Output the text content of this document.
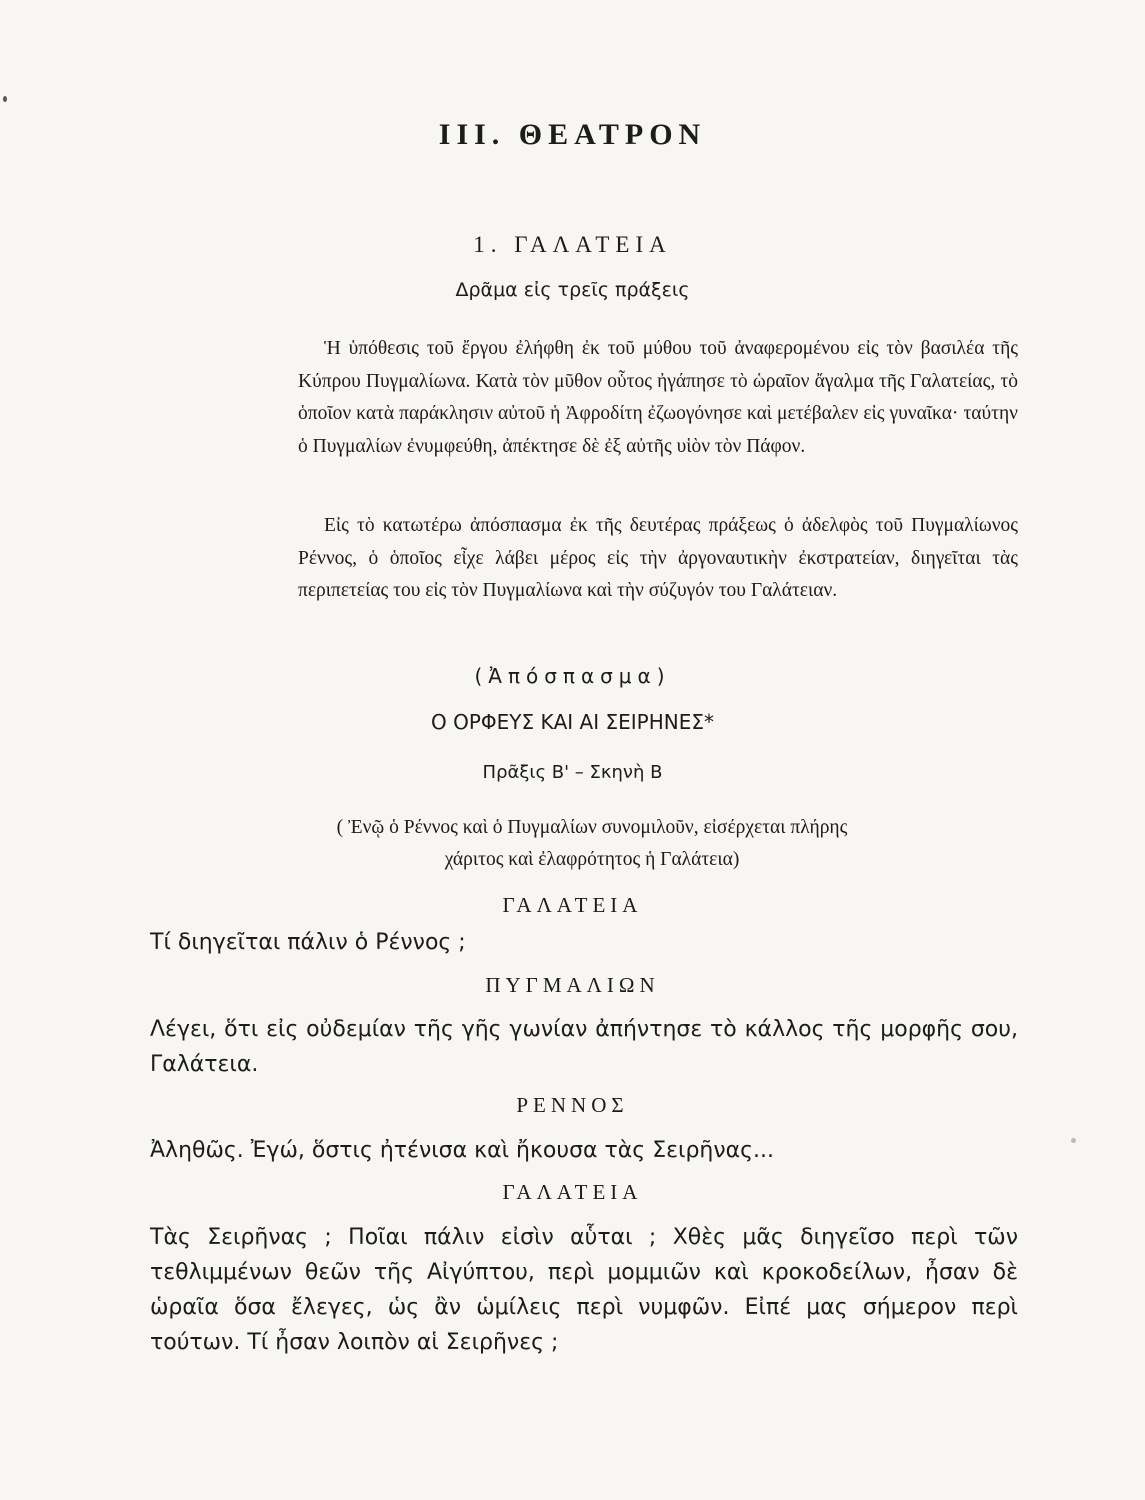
III. ΘΕΑΤΡΟΝ
1. ΓΑΛΑΤΕΙΑ
Δρᾶμα εἰς τρεῖς πράξεις

Ἡ ὑπόθεσις τοῦ ἔργου ἐλήφθη ἐκ τοῦ μύθου τοῦ ἀναφερομένου εἰς τὸν βασιλέα τῆς Κύπρου Πυγμαλίωνα. Κατὰ τὸν μῦθον οὗτος ἠγάπησε τὸ ὡραῖον ἄγαλμα τῆς Γαλατείας, τὸ ὁποῖον κατὰ παράκλησιν αὐτοῦ ἡ Ἀφροδίτη ἐζωογόνησε καὶ μετέβαλεν εἰς γυναῖκα· ταύτην ὁ Πυγμαλίων ἐνυμφεύθη, ἀπέκτησε δὲ ἐξ αὐτῆς υἱὸν τὸν Πάφον.

Εἰς τὸ κατωτέρω ἀπόσπασμα ἐκ τῆς δευτέρας πράξεως ὁ ἀδελφὸς τοῦ Πυγμαλίωνος Ρέννος, ὁ ὁποῖος εἶχε λάβει μέρος εἰς τὴν ἀργοναυτικὴν ἐκστρατείαν, διηγεῖται τὰς περιπετείας του εἰς τὸν Πυγμαλίωνα καὶ τὴν σύζυγόν του Γαλάτειαν.

(Ἀπόσπασμα)
Ο ΟΡΦΕΥΣ ΚΑΙ ΑΙ ΣΕΙΡΗΝΕΣ*
Πρᾶξις Β' – Σκηνὴ Β
( Ἐνῷ ὁ Ρέννος καὶ ὁ Πυγμαλίων συνομιλοῦν, εἰσέρχεται πλήρης
χάριτος καὶ ἐλαφρότητος ἡ Γαλάτεια)
ΓΑΛΑΤΕΙΑ

Τί διηγεῖται πάλιν ὁ Ρέννος ;

ΠΥΓΜΑΛΙΩΝ

Λέγει, ὅτι εἰς οὐδεμίαν τῆς γῆς γωνίαν ἀπήντησε τὸ κάλλος τῆς μορφῆς σου, Γαλάτεια.

ΡΕΝΝΟΣ

Ἀληθῶς. Ἐγώ, ὅστις ἠτένισα καὶ ἤκουσα τὰς Σειρῆνας...

ΓΑΛΑΤΕΙΑ

Τὰς Σειρῆνας ; Ποῖαι πάλιν εἰσὶν αὗται ; Χθὲς μᾶς διηγεῖσο περὶ τῶν τεθλιμμένων θεῶν τῆς Αἰγύπτου, περὶ μομμιῶν καὶ κροκοδείλων, ἦσαν δὲ ὡραῖα ὅσα ἔλεγες, ὡς ἂν ὡμίλεις περὶ νυμφῶν. Εἰπέ μας σήμερον περὶ τούτων. Τί ἦσαν λοιπὸν αἱ Σειρῆνες ;
